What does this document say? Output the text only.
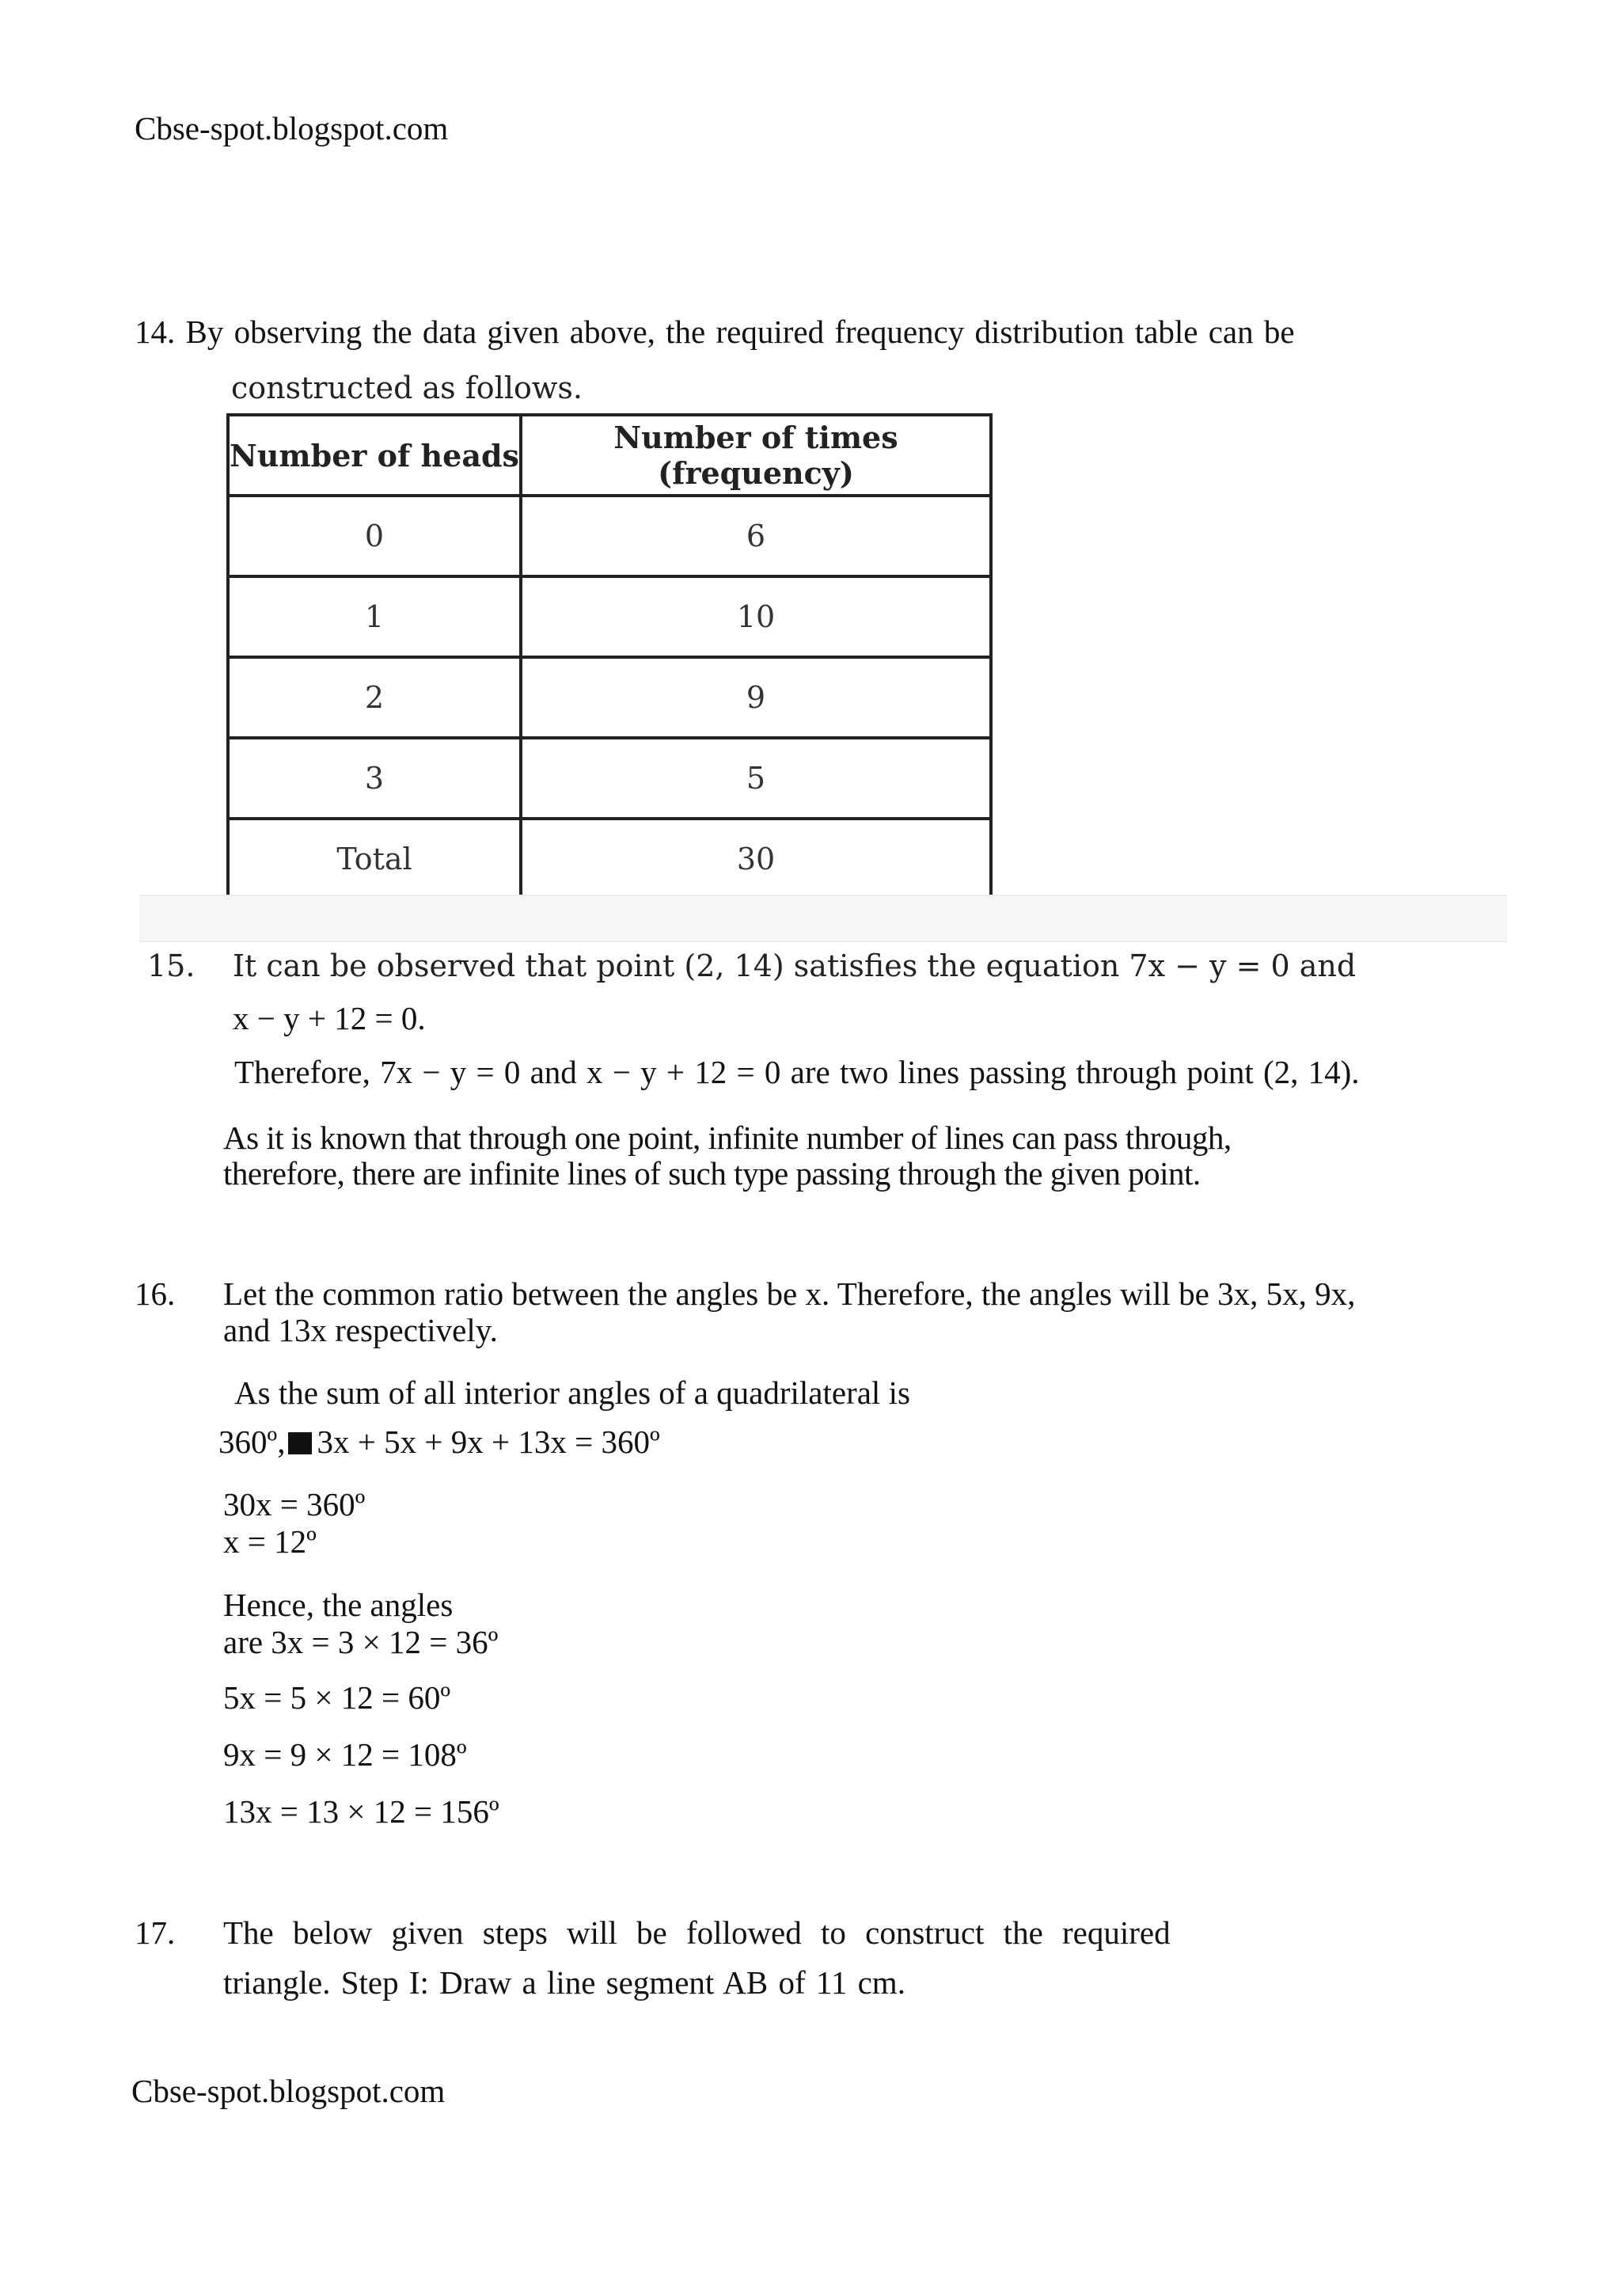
Cbse-spot.blogspot.com
14. By observing the data given above, the required frequency distribution table can be
constructed as follows.
Number of heads	Number of times (frequency)
0	6
1	10
2	9
3	5
Total	30
15. It can be observed that point (2, 14) satisfies the equation 7x − y = 0 and
x − y + 12 = 0.
Therefore, 7x − y = 0 and x − y + 12 = 0 are two lines passing through point (2, 14).
As it is known that through one point, infinite number of lines can pass through,
therefore, there are infinite lines of such type passing through the given point.
16. Let the common ratio between the angles be x. Therefore, the angles will be 3x, 5x, 9x,
and 13x respectively.
As the sum of all interior angles of a quadrilateral is
360º, 3x + 5x + 9x + 13x = 360º
30x = 360º
x = 12º
Hence, the angles
are 3x = 3 × 12 = 36º
5x = 5 × 12 = 60º
9x = 9 × 12 = 108º
13x = 13 × 12 = 156º
17. The below given steps will be followed to construct the required
triangle. Step I: Draw a line segment AB of 11 cm.
Cbse-spot.blogspot.com
